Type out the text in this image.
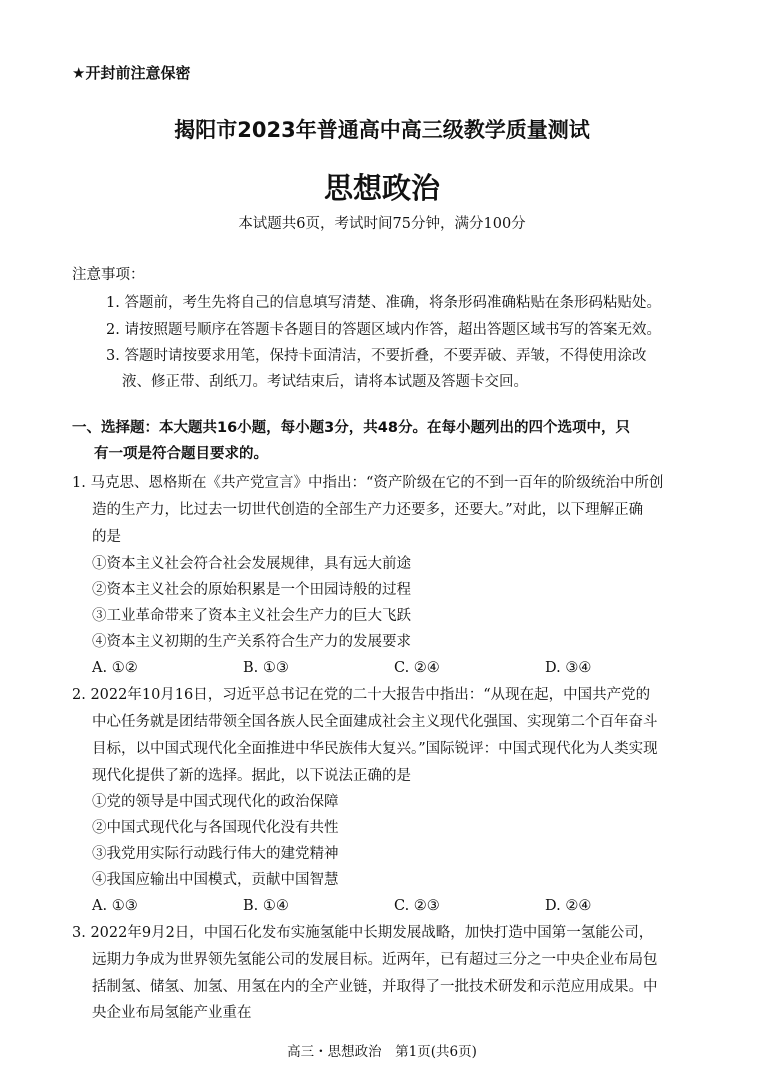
★开封前注意保密
揭阳市2023年普通高中高三级教学质量测试
思想政治
本试题共6页，考试时间75分钟，满分100分
注意事项：
1. 答题前，考生先将自己的信息填写清楚、准确，将条形码准确粘贴在条形码粘贴处。
2. 请按照题号顺序在答题卡各题目的答题区域内作答，超出答题区域书写的答案无效。
3. 答题时请按要求用笔，保持卡面清洁，不要折叠，不要弄破、弄皱，不得使用涂改
液、修正带、刮纸刀。考试结束后，请将本试题及答题卡交回。
一、选择题：本大题共16小题，每小题3分，共48分。在每小题列出的四个选项中，只
有一项是符合题目要求的。
1. 马克思、恩格斯在《共产党宣言》中指出：“资产阶级在它的不到一百年的阶级统治中所创
造的生产力，比过去一切世代创造的全部生产力还要多，还要大。”对此，以下理解正确
的是
①资本主义社会符合社会发展规律，具有远大前途
②资本主义社会的原始积累是一个田园诗般的过程
③工业革命带来了资本主义社会生产力的巨大飞跃
④资本主义初期的生产关系符合生产力的发展要求
A. ①②	B. ①③	C. ②④	D. ③④
2. 2022年10月16日，习近平总书记在党的二十大报告中指出：“从现在起，中国共产党的
中心任务就是团结带领全国各族人民全面建成社会主义现代化强国、实现第二个百年奋斗
目标，以中国式现代化全面推进中华民族伟大复兴。”国际锐评：中国式现代化为人类实现
现代化提供了新的选择。据此，以下说法正确的是
①党的领导是中国式现代化的政治保障
②中国式现代化与各国现代化没有共性
③我党用实际行动践行伟大的建党精神
④我国应输出中国模式，贡献中国智慧
A. ①③	B. ①④	C. ②③	D. ②④
3. 2022年9月2日，中国石化发布实施氢能中长期发展战略，加快打造中国第一氢能公司，
远期力争成为世界领先氢能公司的发展目标。近两年，已有超过三分之一中央企业布局包
括制氢、储氢、加氢、用氢在内的全产业链，并取得了一批技术研发和示范应用成果。中
央企业布局氢能产业重在
高三・思想政治　第1页(共6页)
